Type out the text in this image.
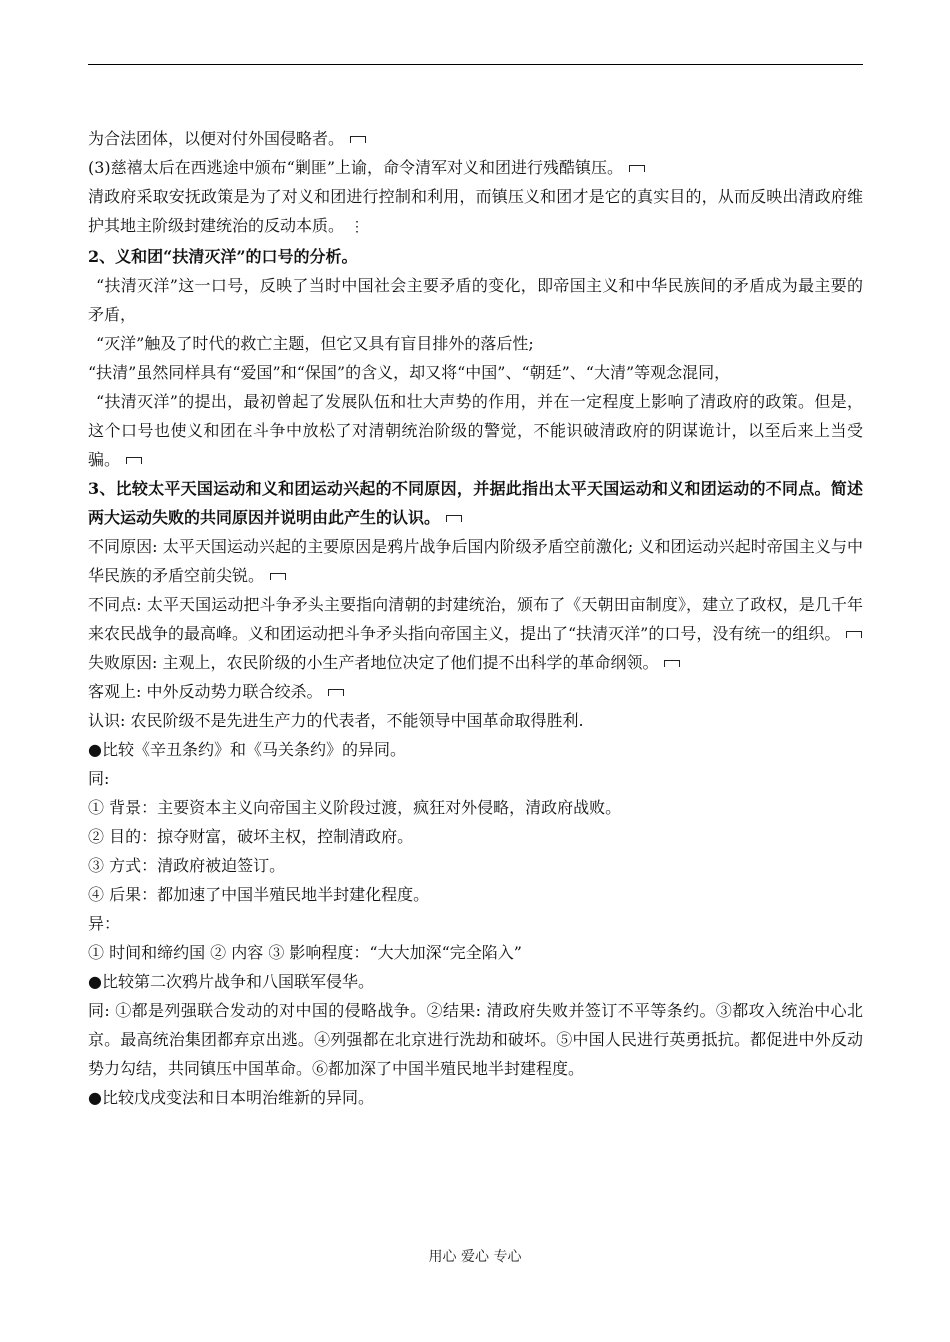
为合法团体，以便对付外国侵略者。

(3)慈禧太后在西逃途中颁布“剿匪”上谕，命令清军对义和团进行残酷镇压。

清政府采取安抚政策是为了对义和团进行控制和利用，而镇压义和团才是它的真实目的，从而反映出清政府维护其地主阶级封建统治的反动本质。 ⋮

2、义和团“扶清灭洋”的口号的分析。

“扶清灭洋”这一口号，反映了当时中国社会主要矛盾的变化，即帝国主义和中华民族间的矛盾成为最主要的矛盾，

“灭洋”触及了时代的救亡主题，但它又具有盲目排外的落后性;

“扶清”虽然同样具有“爱国”和“保国”的含义，却又将“中国”、“朝廷”、“大清”等观念混同，

“扶清灭洋”的提出，最初曾起了发展队伍和壮大声势的作用，并在一定程度上影响了清政府的政策。但是，这个口号也使义和团在斗争中放松了对清朝统治阶级的警觉，不能识破清政府的阴谋诡计，以至后来上当受骗。

3、比较太平天国运动和义和团运动兴起的不同原因，并据此指出太平天国运动和义和团运动的不同点。简述两大运动失败的共同原因并说明由此产生的认识。

不同原因: 太平天国运动兴起的主要原因是鸦片战争后国内阶级矛盾空前激化; 义和团运动兴起时帝国主义与中华民族的矛盾空前尖锐。

不同点: 太平天国运动把斗争矛头主要指向清朝的封建统治，颁布了《天朝田亩制度》，建立了政权，是几千年来农民战争的最高峰。义和团运动把斗争矛头指向帝国主义，提出了“扶清灭洋”的口号，没有统一的组织。

失败原因: 主观上，农民阶级的小生产者地位决定了他们提不出科学的革命纲领。

客观上: 中外反动势力联合绞杀。

认识: 农民阶级不是先进生产力的代表者，不能领导中国革命取得胜利.

●比较《辛丑条约》和《马关条约》的异同。

同:

① 背景：主要资本主义向帝国主义阶段过渡，疯狂对外侵略，清政府战败。

② 目的：掠夺财富，破坏主权，控制清政府。

③ 方式：清政府被迫签订。

④ 后果：都加速了中国半殖民地半封建化程度。

异：

① 时间和缔约国 ② 内容 ③ 影响程度：“大大加深“完全陷入”

●比较第二次鸦片战争和八国联军侵华。

同: ①都是列强联合发动的对中国的侵略战争。②结果: 清政府失败并签订不平等条约。③都攻入统治中心北京。最高统治集团都弃京出逃。④列强都在北京进行洗劫和破坏。⑤中国人民进行英勇抵抗。都促进中外反动势力勾结，共同镇压中国革命。⑥都加深了中国半殖民地半封建程度。

●比较戊戌变法和日本明治维新的异同。

用心 爱心 专心
